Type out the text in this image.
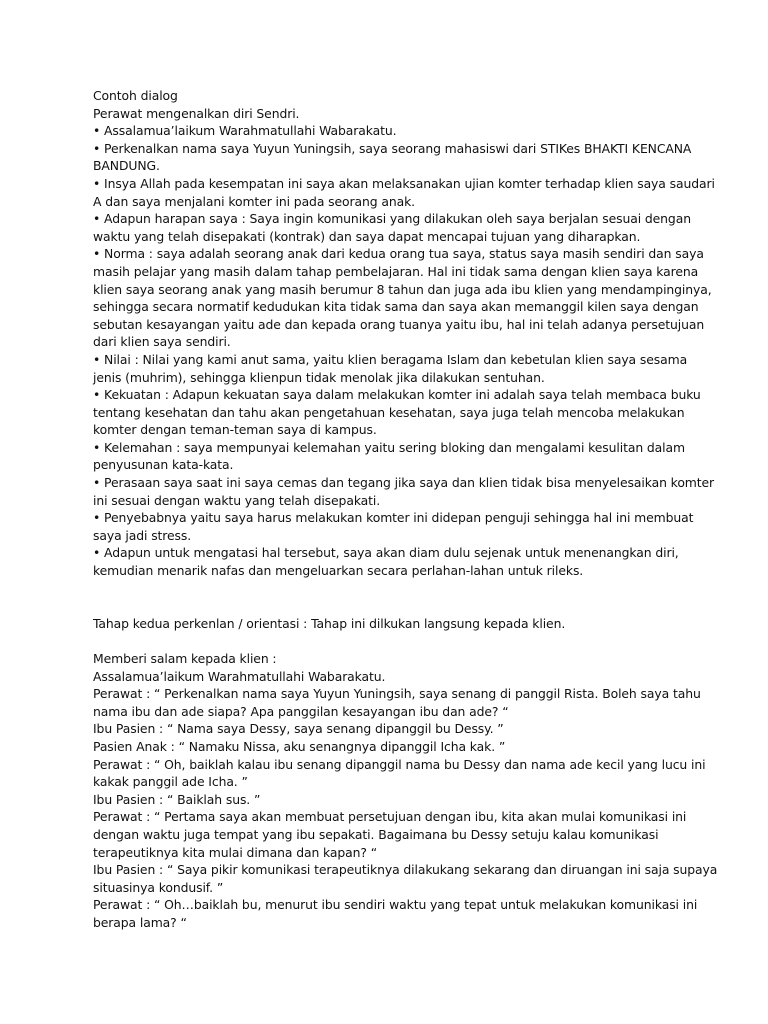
Contoh dialog
Perawat mengenalkan diri Sendri.
• Assalamua’laikum Warahmatullahi Wabarakatu.
• Perkenalkan nama saya Yuyun Yuningsih, saya seorang mahasiswi dari STIKes BHAKTI KENCANA
BANDUNG.
• Insya Allah pada kesempatan ini saya akan melaksanakan ujian komter terhadap klien saya saudari
A dan saya menjalani komter ini pada seorang anak.
• Adapun harapan saya : Saya ingin komunikasi yang dilakukan oleh saya berjalan sesuai dengan
waktu yang telah disepakati (kontrak) dan saya dapat mencapai tujuan yang diharapkan.
• Norma : saya adalah seorang anak dari kedua orang tua saya, status saya masih sendiri dan saya
masih pelajar yang masih dalam tahap pembelajaran. Hal ini tidak sama dengan klien saya karena
klien saya seorang anak yang masih berumur 8 tahun dan juga ada ibu klien yang mendampinginya,
sehingga secara normatif kedudukan kita tidak sama dan saya akan memanggil kilen saya dengan
sebutan kesayangan yaitu ade dan kepada orang tuanya yaitu ibu, hal ini telah adanya persetujuan
dari klien saya sendiri.
• Nilai : Nilai yang kami anut sama, yaitu klien beragama Islam dan kebetulan klien saya sesama
jenis (muhrim), sehingga klienpun tidak menolak jika dilakukan sentuhan.
• Kekuatan : Adapun kekuatan saya dalam melakukan komter ini adalah saya telah membaca buku
tentang kesehatan dan tahu akan pengetahuan kesehatan, saya juga telah mencoba melakukan
komter dengan teman-teman saya di kampus.
• Kelemahan : saya mempunyai kelemahan yaitu sering bloking dan mengalami kesulitan dalam
penyusunan kata-kata.
• Perasaan saya saat ini saya cemas dan tegang jika saya dan klien tidak bisa menyelesaikan komter
ini sesuai dengan waktu yang telah disepakati.
• Penyebabnya yaitu saya harus melakukan komter ini didepan penguji sehingga hal ini membuat
saya jadi stress.
• Adapun untuk mengatasi hal tersebut, saya akan diam dulu sejenak untuk menenangkan diri,
kemudian menarik nafas dan mengeluarkan secara perlahan-lahan untuk rileks.
Tahap kedua perkenlan / orientasi : Tahap ini dilkukan langsung kepada klien.
Memberi salam kepada klien :
Assalamua’laikum Warahmatullahi Wabarakatu.
Perawat : “ Perkenalkan nama saya Yuyun Yuningsih, saya senang di panggil Rista. Boleh saya tahu
nama ibu dan ade siapa? Apa panggilan kesayangan ibu dan ade? “
Ibu Pasien : “ Nama saya Dessy, saya senang dipanggil bu Dessy. ”
Pasien Anak : “ Namaku Nissa, aku senangnya dipanggil Icha kak. ”
Perawat : “ Oh, baiklah kalau ibu senang dipanggil nama bu Dessy dan nama ade kecil yang lucu ini
kakak panggil ade Icha. ”
Ibu Pasien : “ Baiklah sus. ”
Perawat : “ Pertama saya akan membuat persetujuan dengan ibu, kita akan mulai komunikasi ini
dengan waktu juga tempat yang ibu sepakati. Bagaimana bu Dessy setuju kalau komunikasi
terapeutiknya kita mulai dimana dan kapan? “
Ibu Pasien : “ Saya pikir komunikasi terapeutiknya dilakukang sekarang dan diruangan ini saja supaya
situasinya kondusif. ”
Perawat : “ Oh…baiklah bu, menurut ibu sendiri waktu yang tepat untuk melakukan komunikasi ini
berapa lama? “
